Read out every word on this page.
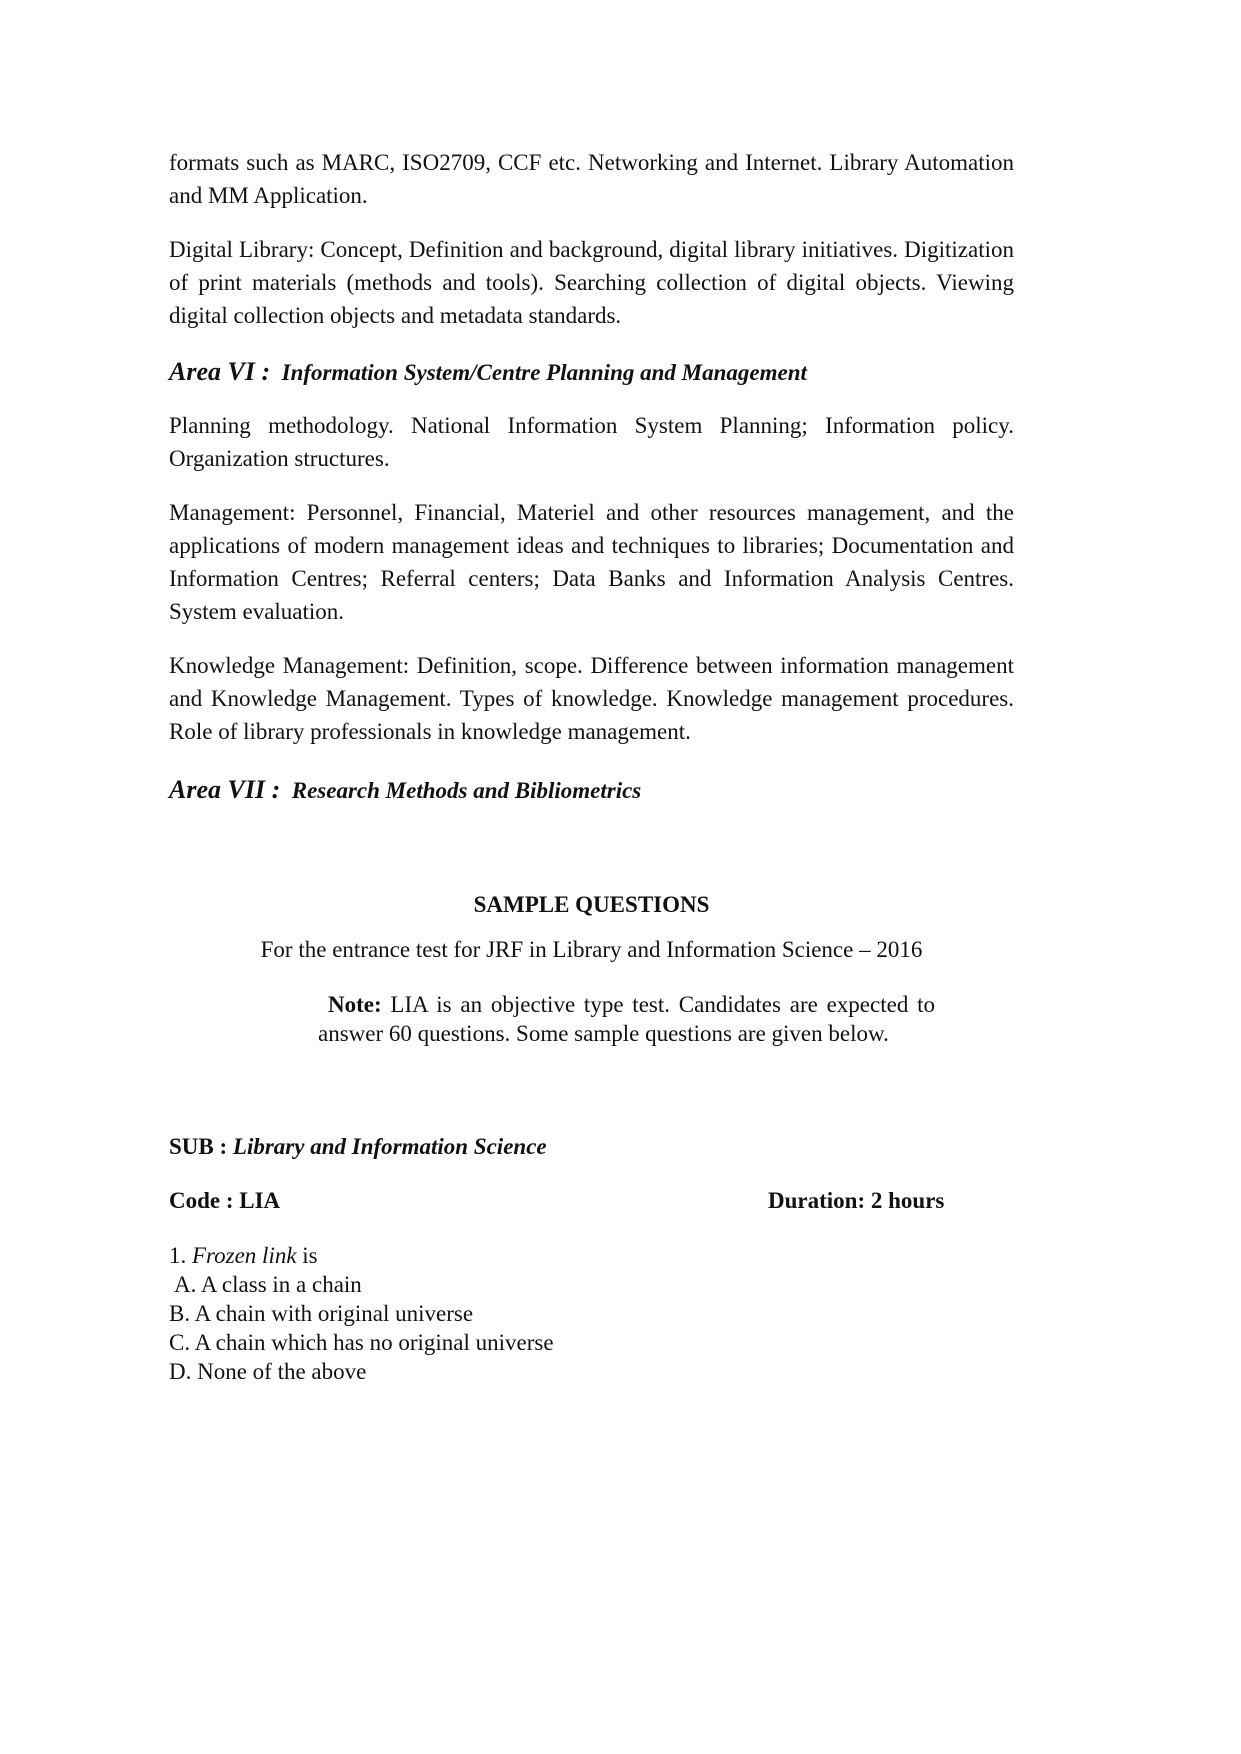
formats such as MARC, ISO2709, CCF etc. Networking and Internet. Library Automation and MM Application.

Digital Library: Concept, Definition and background, digital library initiatives. Digitization of print materials (methods and tools). Searching collection of digital objects. Viewing digital collection objects and metadata standards.

Area VI : Information System/Centre Planning and Management

Planning methodology. National Information System Planning; Information policy. Organization structures.

Management: Personnel, Financial, Materiel and other resources management, and the applications of modern management ideas and techniques to libraries; Documentation and Information Centres; Referral centers; Data Banks and Information Analysis Centres. System evaluation.

Knowledge Management: Definition, scope. Difference between information management and Knowledge Management. Types of knowledge. Knowledge management procedures. Role of library professionals in knowledge management.

Area VII : Research Methods and Bibliometrics

SAMPLE QUESTIONS

For the entrance test for JRF in Library and Information Science – 2016

Note: LIA is an objective type test. Candidates are expected to answer 60 questions. Some sample questions are given below.

SUB : Library and Information Science

Code : LIA	Duration: 2 hours

1. Frozen link is
A. A class in a chain
B. A chain with original universe
C. A chain which has no original universe
D. None of the above
